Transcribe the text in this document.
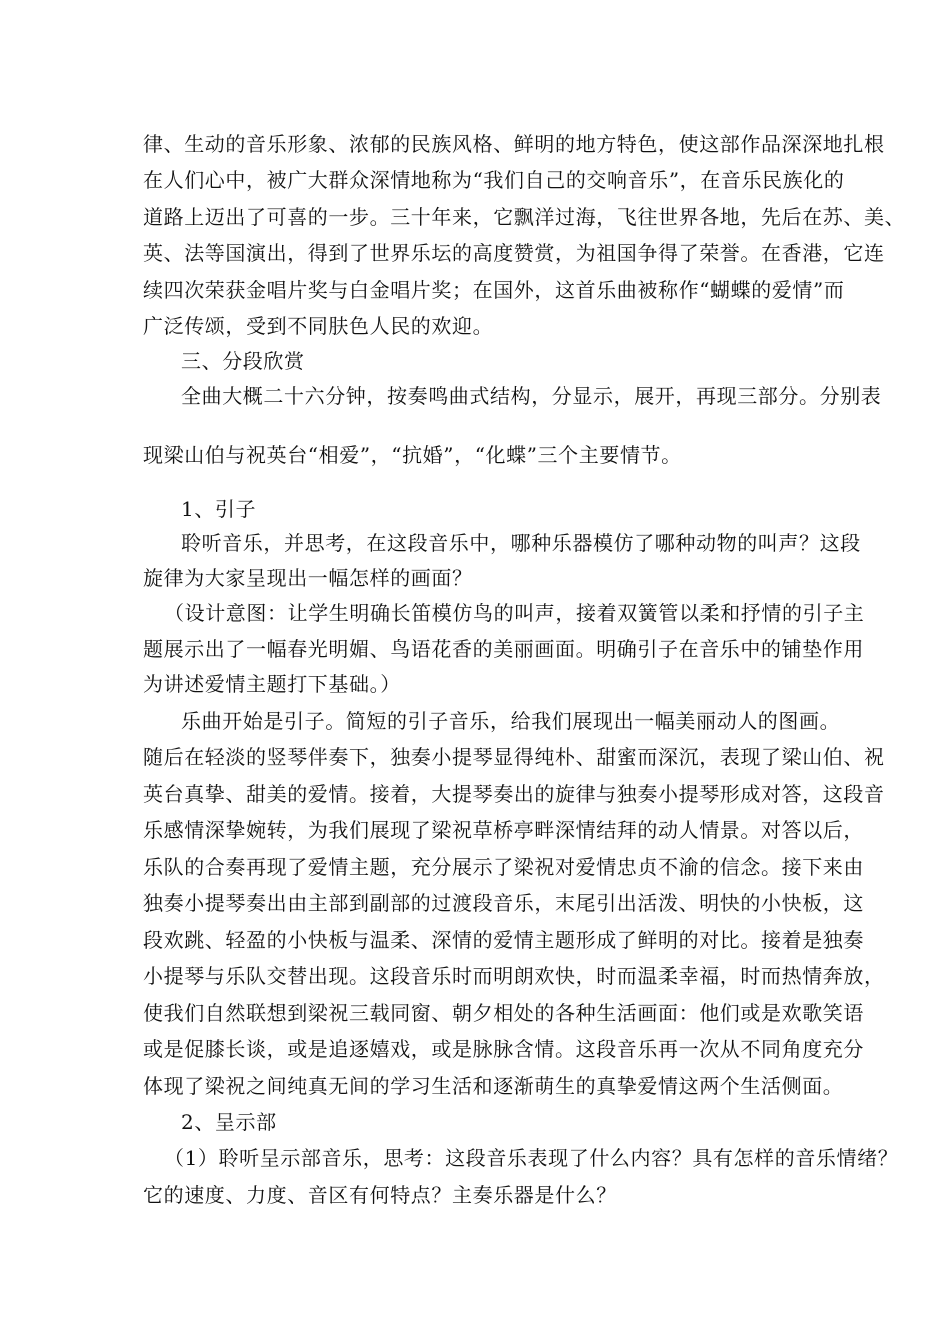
律、生动的音乐形象、浓郁的民族风格、鲜明的地方特色，使这部作品深深地扎根
在人们心中，被广大群众深情地称为“我们自己的交响音乐”，在音乐民族化的
道路上迈出了可喜的一步。三十年来，它飘洋过海，飞往世界各地，先后在苏、美、
英、法等国演出，得到了世界乐坛的高度赞赏，为祖国争得了荣誉。在香港，它连
续四次荣获金唱片奖与白金唱片奖；在国外，这首乐曲被称作“蝴蝶的爱情”而
广泛传颂，受到不同肤色人民的欢迎。
三、分段欣赏
全曲大概二十六分钟，按奏鸣曲式结构，分显示，展开，再现三部分。分别表
现梁山伯与祝英台“相爱”，“抗婚”，“化蝶”三个主要情节。
1、引子
聆听音乐，并思考，在这段音乐中，哪种乐器模仿了哪种动物的叫声？这段
旋律为大家呈现出一幅怎样的画面？
（设计意图：让学生明确长笛模仿鸟的叫声，接着双簧管以柔和抒情的引子主
题展示出了一幅春光明媚、鸟语花香的美丽画面。明确引子在音乐中的铺垫作用
为讲述爱情主题打下基础。）
乐曲开始是引子。简短的引子音乐，给我们展现出一幅美丽动人的图画。
随后在轻淡的竖琴伴奏下，独奏小提琴显得纯朴、甜蜜而深沉，表现了梁山伯、祝
英台真挚、甜美的爱情。接着，大提琴奏出的旋律与独奏小提琴形成对答，这段音
乐感情深挚婉转，为我们展现了梁祝草桥亭畔深情结拜的动人情景。对答以后，
乐队的合奏再现了爱情主题，充分展示了梁祝对爱情忠贞不渝的信念。接下来由
独奏小提琴奏出由主部到副部的过渡段音乐，末尾引出活泼、明快的小快板，这
段欢跳、轻盈的小快板与温柔、深情的爱情主题形成了鲜明的对比。接着是独奏
小提琴与乐队交替出现。这段音乐时而明朗欢快，时而温柔幸福，时而热情奔放，
使我们自然联想到梁祝三载同窗、朝夕相处的各种生活画面：他们或是欢歌笑语
或是促膝长谈，或是追逐嬉戏，或是脉脉含情。这段音乐再一次从不同角度充分
体现了梁祝之间纯真无间的学习生活和逐渐萌生的真挚爱情这两个生活侧面。
2、呈示部
（1）聆听呈示部音乐，思考：这段音乐表现了什么内容？具有怎样的音乐情绪？
它的速度、力度、音区有何特点？主奏乐器是什么？
